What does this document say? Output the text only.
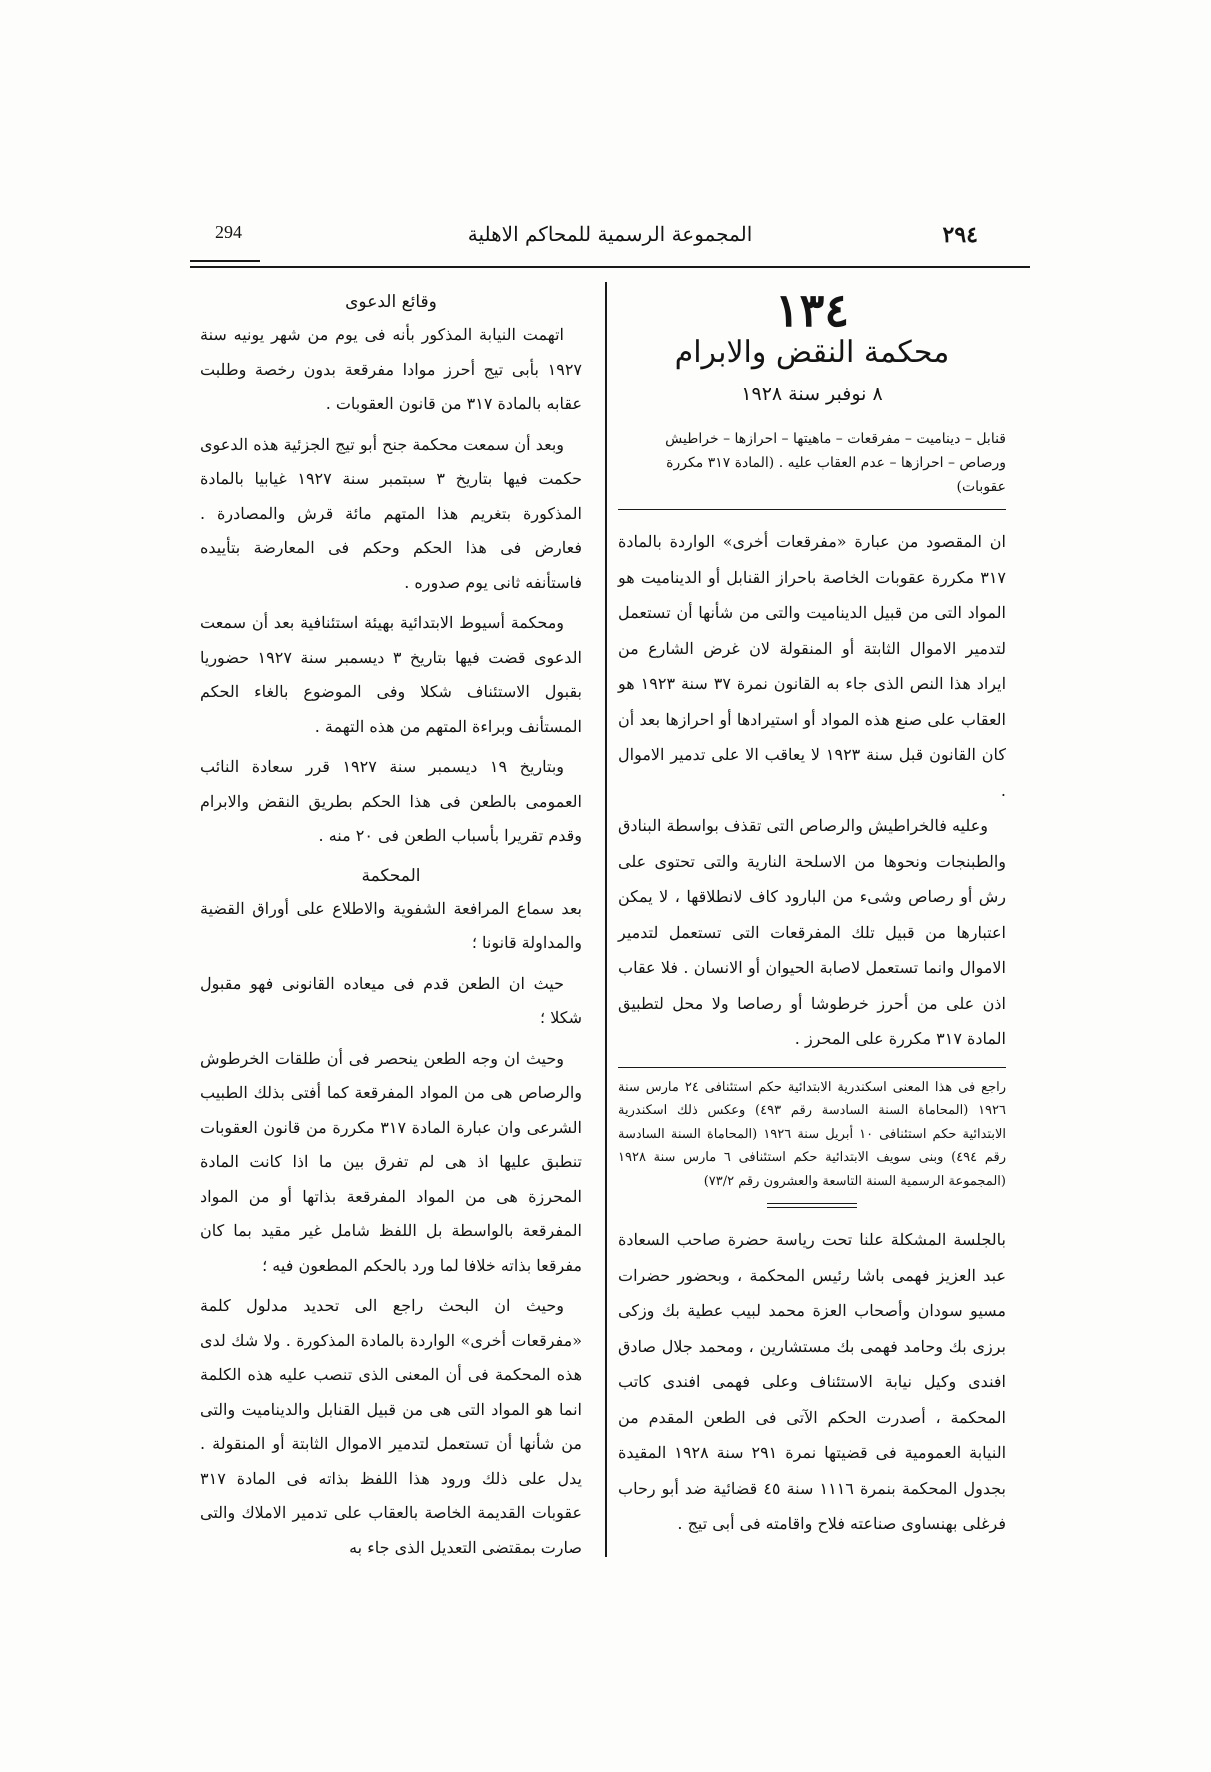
٢٩٤
المجموعة الرسمية للمحاكم الاهلية
294
١٣٤
محكمة النقض والابرام
٨ نوفبر سنة ١٩٢٨
قنابل – ديناميت – مفرقعات – ماهيتها – احرازها – خراطيش ورصاص – احرازها – عدم العقاب عليه . (المادة ٣١٧ مكررة عقوبات)

ان المقصود من عبارة «مفرقعات أخرى» الواردة بالمادة ٣١٧ مكررة عقوبات الخاصة باحراز القنابل أو الديناميت هو المواد التى من قبيل الديناميت والتى من شأنها أن تستعمل لتدمير الاموال الثابتة أو المنقولة لان غرض الشارع من ايراد هذا النص الذى جاء به القانون نمرة ٣٧ سنة ١٩٢٣ هو العقاب على صنع هذه المواد أو استيرادها أو احرازها بعد أن كان القانون قبل سنة ١٩٢٣ لا يعاقب الا على تدمير الاموال .

وعليه فالخراطيش والرصاص التى تقذف بواسطة البنادق والطبنجات ونحوها من الاسلحة النارية والتى تحتوى على رش أو رصاص وشىء من البارود كاف لانطلاقها ، لا يمكن اعتبارها من قبيل تلك المفرقعات التى تستعمل لتدمير الاموال وانما تستعمل لاصابة الحيوان أو الانسان . فلا عقاب اذن على من أحرز خرطوشا أو رصاصا ولا محل لتطبيق المادة ٣١٧ مكررة على المحرز .

راجع فى هذا المعنى اسكندرية الابتدائية حكم استئنافى ٢٤ مارس سنة ١٩٢٦ (المحاماة السنة السادسة رقم ٤٩٣) وعكس ذلك اسكندرية الابتدائية حكم استئنافى ١٠ أبريل سنة ١٩٢٦ (المحاماة السنة السادسة رقم ٤٩٤) وبنى سويف الابتدائية حكم استئنافى ٦ مارس سنة ١٩٢٨ (المجموعة الرسمية السنة التاسعة والعشرون رقم ٧٣/٢)

بالجلسة المشكلة علنا تحت رياسة حضرة صاحب السعادة عبد العزيز فهمى باشا رئيس المحكمة ، وبحضور حضرات مسيو سودان وأصحاب العزة محمد لبيب عطية بك وزكى برزى بك وحامد فهمى بك مستشارين ، ومحمد جلال صادق افندى وكيل نيابة الاستئناف وعلى فهمى افندى كاتب المحكمة ، أصدرت الحكم الآتى فى الطعن المقدم من النيابة العمومية فى قضيتها نمرة ٢٩١ سنة ١٩٢٨ المقيدة بجدول المحكمة بنمرة ١١١٦ سنة ٤٥ قضائية ضد أبو رحاب فرغلى بهنساوى صناعته فلاح واقامته فى أبى تيج .

وقائع الدعوى

اتهمت النيابة المذكور بأنه فى يوم من شهر يونيه سنة ١٩٢٧ بأبى تيج أحرز موادا مفرقعة بدون رخصة وطلبت عقابه بالمادة ٣١٧ من قانون العقوبات .

وبعد أن سمعت محكمة جنح أبو تيج الجزئية هذه الدعوى حكمت فيها بتاريخ ٣ سبتمبر سنة ١٩٢٧ غيابيا بالمادة المذكورة بتغريم هذا المتهم مائة قرش والمصادرة . فعارض فى هذا الحكم وحكم فى المعارضة بتأييده فاستأنفه ثانى يوم صدوره .

ومحكمة أسيوط الابتدائية بهيئة استئنافية بعد أن سمعت الدعوى قضت فيها بتاريخ ٣ ديسمبر سنة ١٩٢٧ حضوريا بقبول الاستئناف شكلا وفى الموضوع بالغاء الحكم المستأنف وبراءة المتهم من هذه التهمة .

وبتاريخ ١٩ ديسمبر سنة ١٩٢٧ قرر سعادة النائب العمومى بالطعن فى هذا الحكم بطريق النقض والابرام وقدم تقريرا بأسباب الطعن فى ٢٠ منه .

المحكمة

بعد سماع المرافعة الشفوية والاطلاع على أوراق القضية والمداولة قانونا ؛

حيث ان الطعن قدم فى ميعاده القانونى فهو مقبول شكلا ؛

وحيث ان وجه الطعن ينحصر فى أن طلقات الخرطوش والرصاص هى من المواد المفرقعة كما أفتى بذلك الطبيب الشرعى وان عبارة المادة ٣١٧ مكررة من قانون العقوبات تنطبق عليها اذ هى لم تفرق بين ما اذا كانت المادة المحرزة هى من المواد المفرقعة بذاتها أو من المواد المفرقعة بالواسطة بل اللفظ شامل غير مقيد بما كان مفرقعا بذاته خلافا لما ورد بالحكم المطعون فيه ؛

وحيث ان البحث راجع الى تحديد مدلول كلمة «مفرقعات أخرى» الواردة بالمادة المذكورة . ولا شك لدى هذه المحكمة فى أن المعنى الذى تنصب عليه هذه الكلمة انما هو المواد التى هى من قبيل القنابل والديناميت والتى من شأنها أن تستعمل لتدمير الاموال الثابتة أو المنقولة . يدل على ذلك ورود هذا اللفظ بذاته فى المادة ٣١٧ عقوبات القديمة الخاصة بالعقاب على تدمير الاملاك والتى صارت بمقتضى التعديل الذى جاء به
